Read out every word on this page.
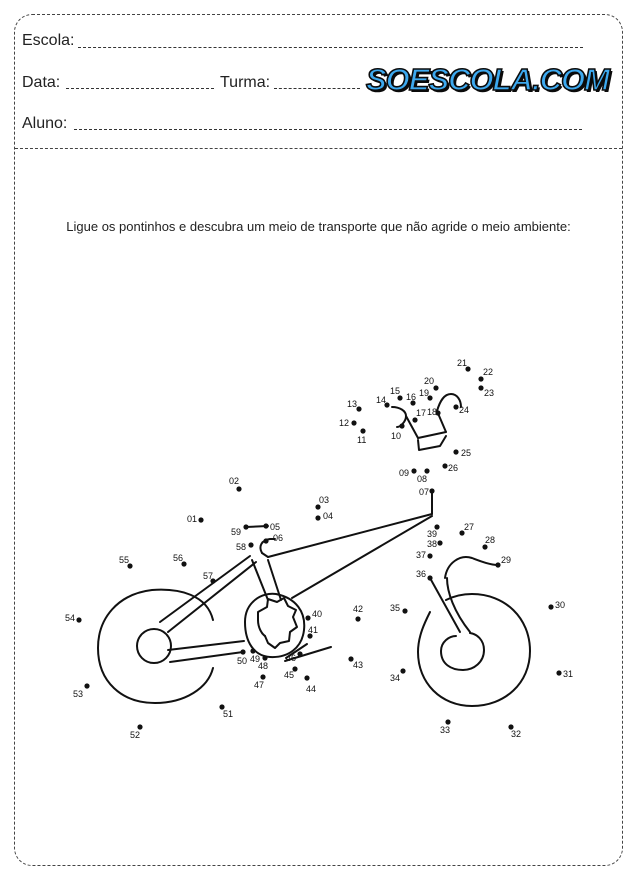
Escola:
Data:	Turma:	SOESCOLA.COM
Aluno:
Ligue os pontinhos e descubra um meio de transporte que não agride o meio ambiente:
01
02
03
04
05
06
07
08
09
10
11
12
13 14
15
16
17 18
19
20
21
22
23
24
25
26
27
28
29
30
31
32
33
34
35
36
37
38
39
40
41
42
43
44
45
46
47
48
49
50
51
52
53
54
55	56
57
58
59
